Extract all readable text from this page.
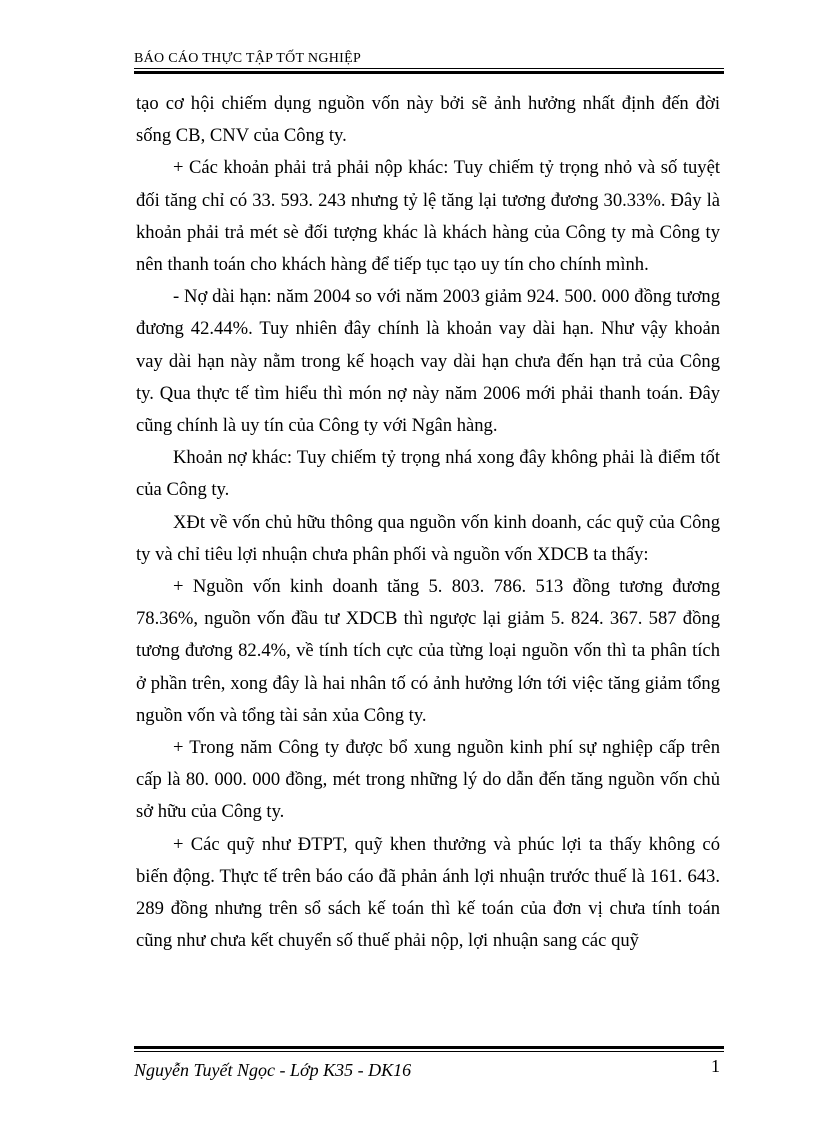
BÁO CÁO THỰC TẬP TỐT NGHIỆP

tạo cơ hội chiếm dụng nguồn vốn này bởi sẽ ảnh hưởng nhất định đến đời sống CB, CNV của Công ty.

+ Các khoản phải trả phải nộp khác: Tuy chiếm tỷ trọng nhỏ và số tuyệt đối tăng chỉ có 33. 593. 243 nhưng tỷ lệ tăng lại tương đương 30.33%. Đây là khoản phải trả mét sè đối tượng khác là khách hàng của Công ty mà Công ty nên thanh toán cho khách hàng để tiếp tục tạo uy tín cho chính mình.

- Nợ dài hạn: năm 2004 so với năm 2003 giảm 924. 500. 000 đồng tương đương 42.44%. Tuy nhiên đây chính là khoản vay dài hạn. Như vậy khoản vay dài hạn này nằm trong kế hoạch vay dài hạn chưa đến hạn trả của Công ty. Qua thực tế tìm hiểu thì món nợ này năm 2006 mới phải thanh toán. Đây cũng chính là uy tín của Công ty với Ngân hàng.

Khoản nợ khác: Tuy chiếm tỷ trọng nhá xong đây không phải là điểm tốt của Công ty.

XĐt về vốn chủ hữu thông qua nguồn vốn kinh doanh, các quỹ của Công ty và chỉ tiêu lợi nhuận chưa phân phối và nguồn vốn XDCB ta thấy:

+ Nguồn vốn kinh doanh tăng 5. 803. 786. 513 đồng tương đương 78.36%, nguồn vốn đầu tư XDCB thì ngược lại giảm 5. 824. 367. 587 đồng tương đương 82.4%, về tính tích cực của từng loại nguồn vốn thì ta phân tích ở phần trên, xong đây là hai nhân tố có ảnh hưởng lớn tới việc tăng giảm tổng nguồn vốn và tổng tài sản xủa Công ty.

+ Trong năm Công ty được bổ xung nguồn kinh phí sự nghiệp cấp trên cấp là 80. 000. 000 đồng, mét trong những lý do dẫn đến tăng nguồn vốn chủ sở hữu của Công ty.

+ Các quỹ như ĐTPT, quỹ khen thưởng và phúc lợi ta thấy không có biến động. Thực tế trên báo cáo đã phản ánh lợi nhuận trước thuế là 161. 643. 289 đồng nhưng trên sổ sách kế toán thì kế toán của đơn vị chưa tính toán cũng như chưa kết chuyển số thuế phải nộp, lợi nhuận sang các quỹ

Nguyễn Tuyết Ngọc - Lớp K35 - DK16	1
